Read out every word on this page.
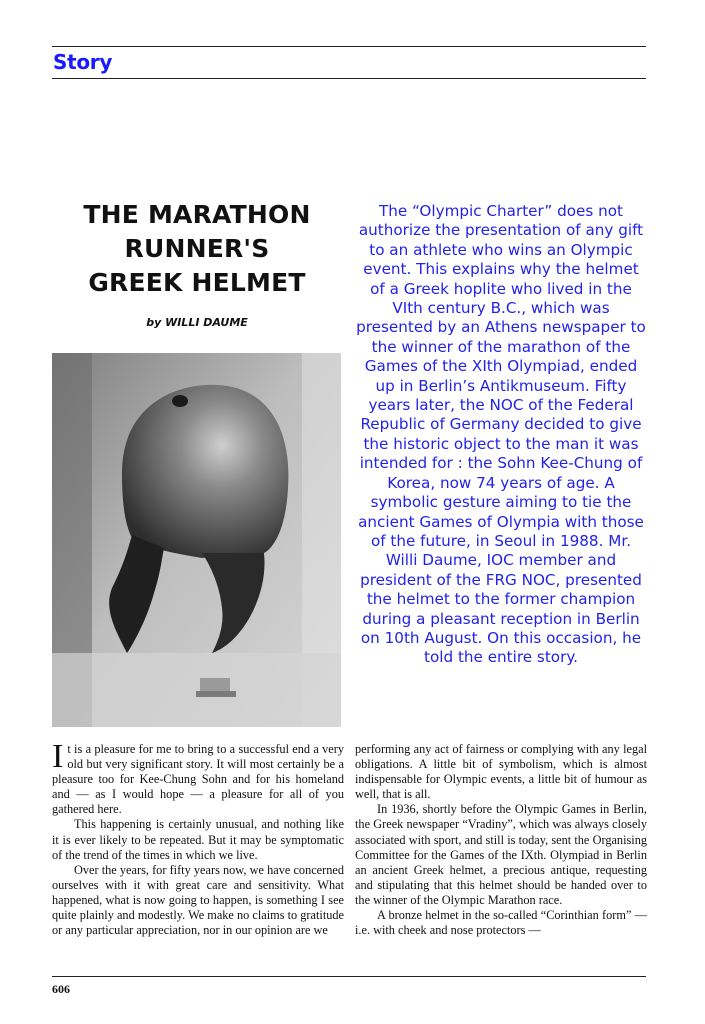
Story
THE MARATHON
RUNNER'S
GREEK HELMET

by WILLI DAUME

The “Olympic Charter” does not authorize the presentation of any gift to an athlete who wins an Olympic event. This explains why the helmet of a Greek hoplite who lived in the VIth century B.C., which was presented by an Athens newspaper to the winner of the marathon of the Games of the XIth Olympiad, ended up in Berlin’s Antikmuseum. Fifty years later, the NOC of the Federal Republic of Germany decided to give the historic object to the man it was intended for : the Sohn Kee-Chung of Korea, now 74 years of age. A symbolic gesture aiming to tie the ancient Games of Olympia with those of the future, in Seoul in 1988. Mr. Willi Daume, IOC member and president of the FRG NOC, presented the helmet to the former champion during a pleasant reception in Berlin on 10th August. On this occasion, he told the entire story.

It is a pleasure for me to bring to a successful end a very old but very significant story. It will most certainly be a pleasure too for Kee-Chung Sohn and for his homeland and — as I would hope — a pleasure for all of you gathered here.

This happening is certainly unusual, and nothing like it is ever likely to be repeated. But it may be symptomatic of the trend of the times in which we live.

Over the years, for fifty years now, we have concerned ourselves with it with great care and sensitivity. What happened, what is now going to happen, is something I see quite plainly and modestly. We make no claims to gratitude or any particular appreciation, nor in our opinion are we

performing any act of fairness or complying with any legal obligations. A little bit of symbolism, which is almost indispensable for Olympic events, a little bit of humour as well, that is all.

In 1936, shortly before the Olympic Games in Berlin, the Greek newspaper “Vradiny”, which was always closely associated with sport, and still is today, sent the Organising Committee for the Games of the IXth. Olympiad in Berlin an ancient Greek helmet, a precious antique, requesting and stipulating that this helmet should be handed over to the winner of the Olympic Marathon race.

A bronze helmet in the so-called “Corinthian form” — i.e. with cheek and nose protectors —

606
